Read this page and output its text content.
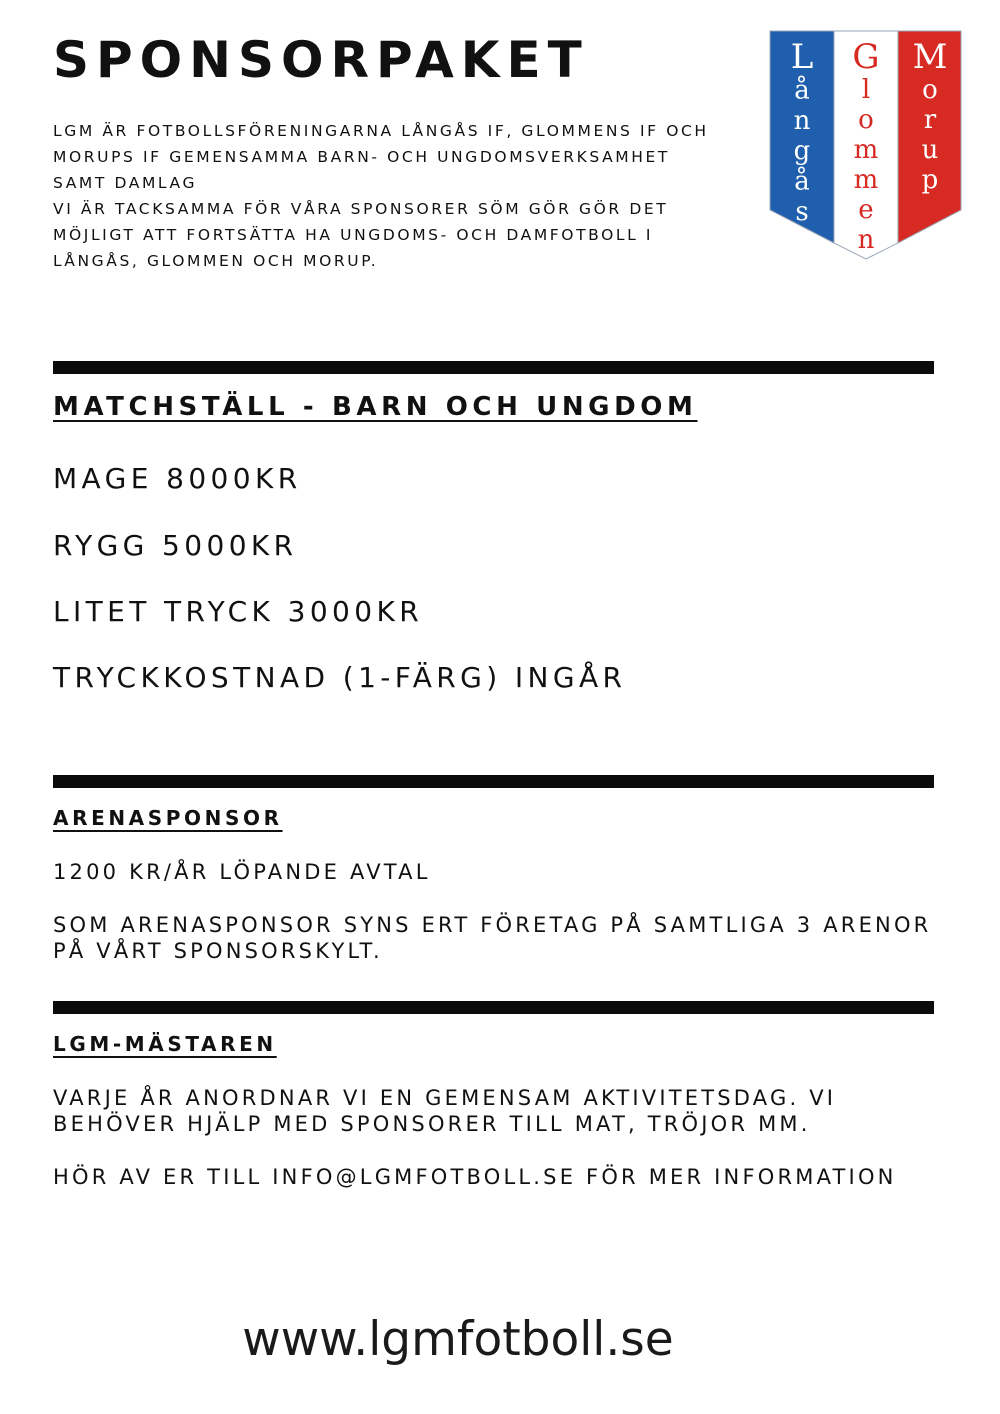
SPONSORPAKET
LGM ÄR FOTBOLLSFÖRENINGARNA LÅNGÅS IF, GLOMMENS IF OCH
MORUPS IF GEMENSAMMA BARN- OCH UNGDOMSVERKSAMHET
SAMT DAMLAG
VI ÄR TACKSAMMA FÖR VÅRA SPONSORER SÖM GÖR GÖR DET
MÖJLIGT ATT FORTSÄTTA HA UNGDOMS- OCH DAMFOTBOLL I
LÅNGÅS, GLOMMEN OCH MORUP.
L
å
n
g
å
s
G
l
o
m
m
e
n
M
o
r
u
p
MATCHSTÄLL - BARN OCH UNGDOM
MAGE 8000KR
RYGG 5000KR
LITET TRYCK 3000KR
TRYCKKOSTNAD (1-FÄRG) INGÅR
ARENASPONSOR
1200 KR/ÅR LÖPANDE AVTAL
SOM ARENASPONSOR SYNS ERT FÖRETAG PÅ SAMTLIGA 3 ARENOR
PÅ VÅRT SPONSORSKYLT.
LGM-MÄSTAREN
VARJE ÅR ANORDNAR VI EN GEMENSAM AKTIVITETSDAG. VI
BEHÖVER HJÄLP MED SPONSORER TILL MAT, TRÖJOR MM.
HÖR AV ER TILL INFO@LGMFOTBOLL.SE FÖR MER INFORMATION
www.lgmfotboll.se
